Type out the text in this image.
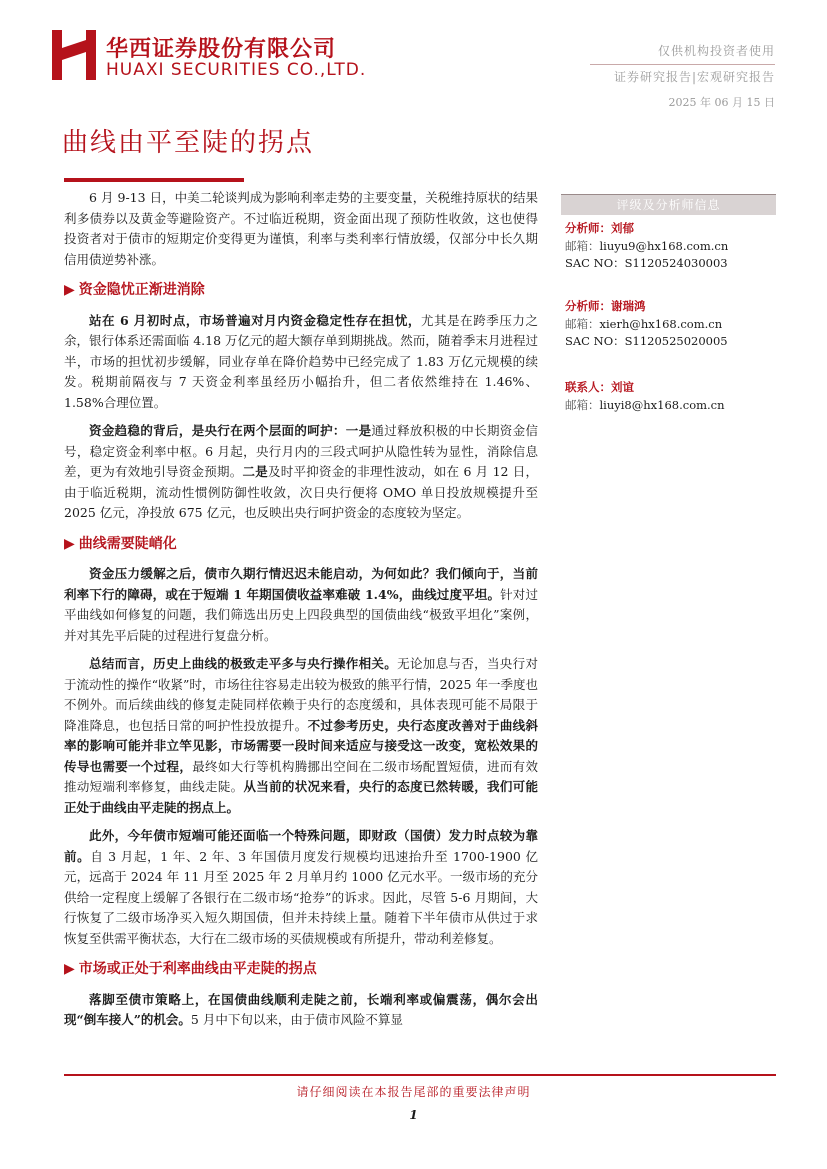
华西证券股份有限公司
HUAXI SECURITIES CO.,LTD.
仅供机构投资者使用
证券研究报告|宏观研究报告
2025 年 06 月 15 日
曲线由平至陡的拐点

6 月 9-13 日，中美二轮谈判成为影响利率走势的主要变量，关税维持原状的结果利多债券以及黄金等避险资产。不过临近税期，资金面出现了预防性收敛，这也使得投资者对于债市的短期定价变得更为谨慎，利率与类利率行情放缓，仅部分中长久期信用债逆势补涨。

▶ 资金隐忧正渐进消除

站在 6 月初时点，市场普遍对月内资金稳定性存在担忧，尤其是在跨季压力之余，银行体系还需面临 4.18 万亿元的超大额存单到期挑战。然而，随着季末月进程过半，市场的担忧初步缓解，同业存单在降价趋势中已经完成了 1.83 万亿元规模的续发。税期前隔夜与 7 天资金利率虽经历小幅抬升，但二者依然维持在 1.46%、1.58%合理位置。

资金趋稳的背后，是央行在两个层面的呵护：一是通过释放积极的中长期资金信号，稳定资金利率中枢。6 月起，央行月内的三段式呵护从隐性转为显性，消除信息差，更为有效地引导资金预期。二是及时平抑资金的非理性波动，如在 6 月 12 日，由于临近税期，流动性惯例防御性收敛，次日央行便将 OMO 单日投放规模提升至 2025 亿元，净投放 675 亿元，也反映出央行呵护资金的态度较为坚定。

▶ 曲线需要陡峭化

资金压力缓解之后，债市久期行情迟迟未能启动，为何如此？我们倾向于，当前利率下行的障碍，或在于短端 1 年期国债收益率难破 1.4%，曲线过度平坦。针对过平曲线如何修复的问题，我们筛选出历史上四段典型的国债曲线“极致平坦化”案例，并对其先平后陡的过程进行复盘分析。

总结而言，历史上曲线的极致走平多与央行操作相关。无论加息与否，当央行对于流动性的操作“收紧”时，市场往往容易走出较为极致的熊平行情，2025 年一季度也不例外。而后续曲线的修复走陡同样依赖于央行的态度缓和，具体表现可能不局限于降准降息，也包括日常的呵护性投放提升。不过参考历史，央行态度改善对于曲线斜率的影响可能并非立竿见影，市场需要一段时间来适应与接受这一改变，宽松效果的传导也需要一个过程，最终如大行等机构腾挪出空间在二级市场配置短债，进而有效推动短端利率修复，曲线走陡。从当前的状况来看，央行的态度已然转暖，我们可能正处于曲线由平走陡的拐点上。

此外，今年债市短端可能还面临一个特殊问题，即财政（国债）发力时点较为靠前。自 3 月起，1 年、2 年、3 年国债月度发行规模均迅速抬升至 1700-1900 亿元，远高于 2024 年 11 月至 2025 年 2 月单月约 1000 亿元水平。一级市场的充分供给一定程度上缓解了各银行在二级市场“抢券”的诉求。因此，尽管 5-6 月期间，大行恢复了二级市场净买入短久期国债，但并未持续上量。随着下半年债市从供过于求恢复至供需平衡状态，大行在二级市场的买债规模或有所提升，带动利差修复。

▶ 市场或正处于利率曲线由平走陡的拐点

落脚至债市策略上，在国债曲线顺利走陡之前，长端利率或偏震荡，偶尔会出现“倒车接人”的机会。5 月中下旬以来，由于债市风险不算显

评级及分析师信息
分析师：刘郁
邮箱：liuyu9@hx168.com.cn
SAC NO：S1120524030003
分析师：谢瑞鸿
邮箱：xierh@hx168.com.cn
SAC NO：S1120525020005
联系人：刘谊
邮箱：liuyi8@hx168.com.cn
请仔细阅读在本报告尾部的重要法律声明
1
